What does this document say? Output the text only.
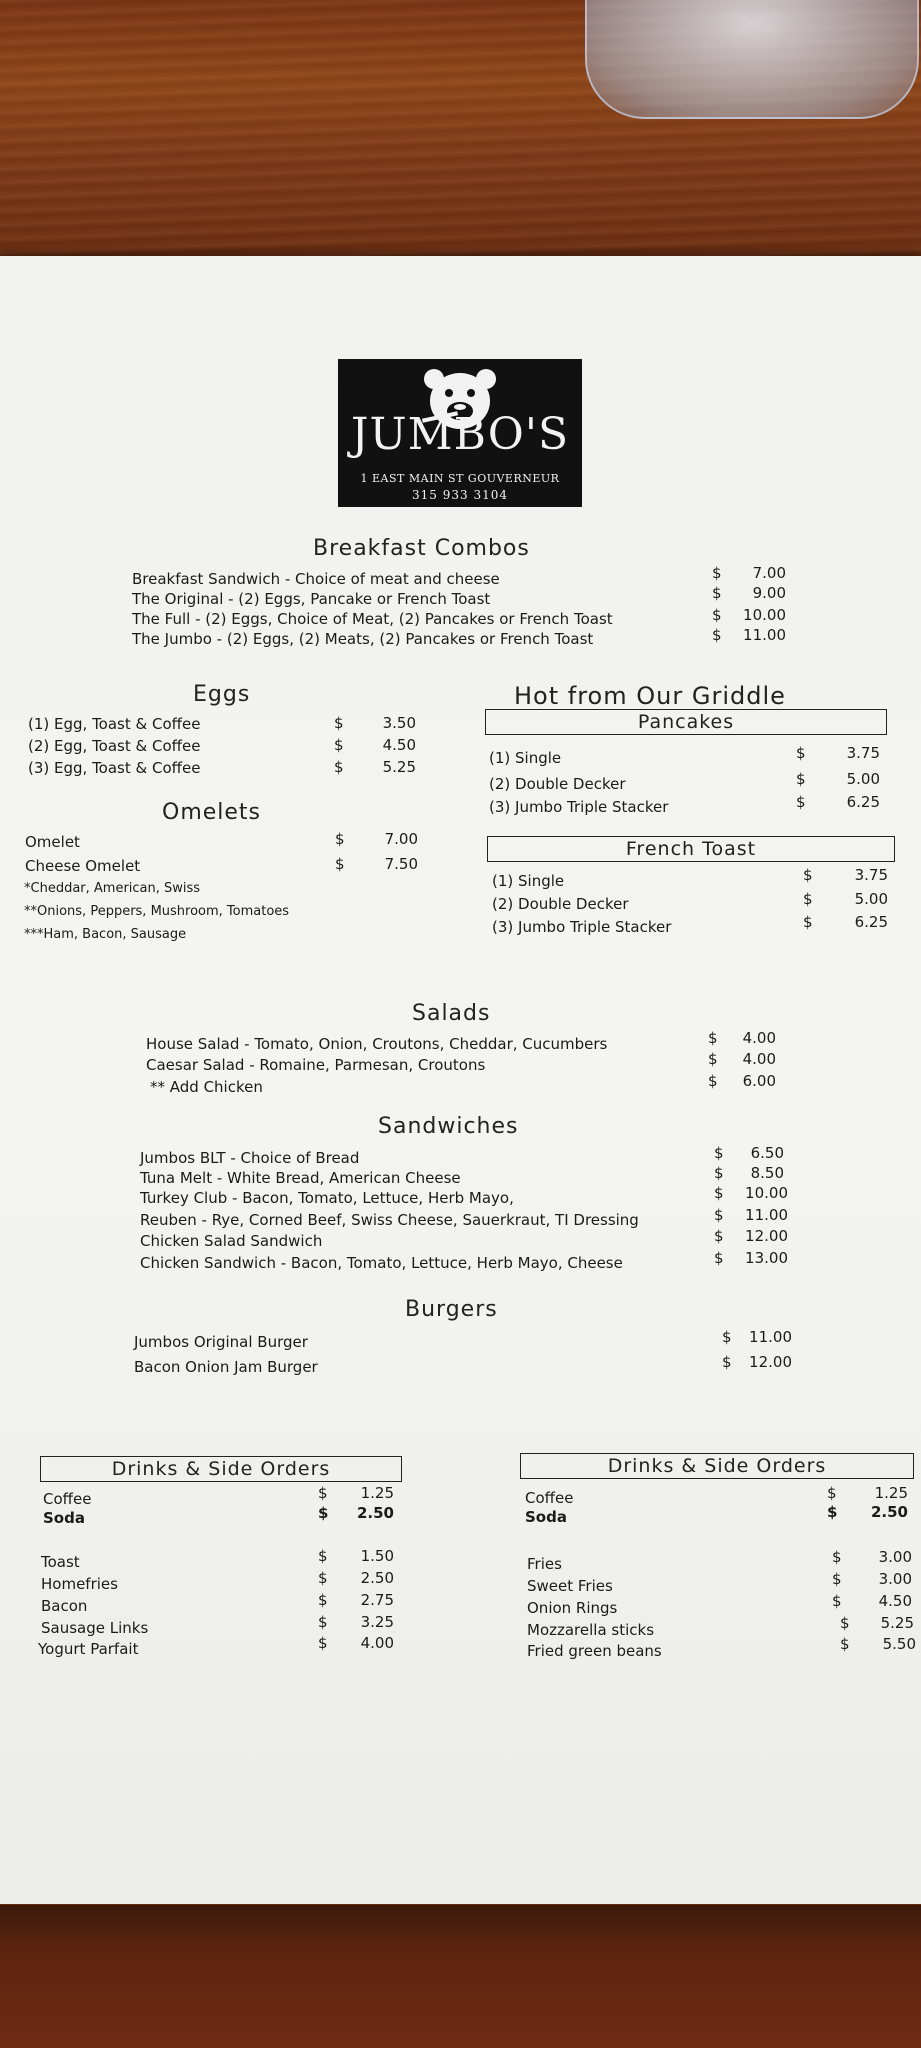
JUMBO'S
1 EAST MAIN ST GOUVERNEUR
315 933 3104
Breakfast Combos
Breakfast Sandwich - Choice of meat and cheese	$	7.00
The Original - (2) Eggs, Pancake or French Toast	$	9.00
The Full - (2) Eggs, Choice of Meat, (2) Pancakes or French Toast	$	10.00
The Jumbo - (2) Eggs, (2) Meats, (2) Pancakes or French Toast	$	11.00
Eggs
(1) Egg, Toast & Coffee	$	3.50
(2) Egg, Toast & Coffee	$	4.50
(3) Egg, Toast & Coffee	$	5.25
Omelets
Omelet	$	7.00
Cheese Omelet	$	7.50
*Cheddar, American, Swiss
**Onions, Peppers, Mushroom, Tomatoes
***Ham, Bacon, Sausage
Hot from Our Griddle
Pancakes
(1) Single	$	3.75
(2) Double Decker	$	5.00
(3) Jumbo Triple Stacker	$	6.25
French Toast
(1) Single	$	3.75
(2) Double Decker	$	5.00
(3) Jumbo Triple Stacker	$	6.25
Salads
House Salad - Tomato, Onion, Croutons, Cheddar, Cucumbers	$	4.00
Caesar Salad - Romaine, Parmesan, Croutons	$	4.00
** Add Chicken	$	6.00
Sandwiches
Jumbos BLT - Choice of Bread	$	6.50
Tuna Melt - White Bread, American Cheese	$	8.50
Turkey Club - Bacon, Tomato, Lettuce, Herb Mayo,	$	10.00
Reuben - Rye, Corned Beef, Swiss Cheese, Sauerkraut, TI Dressing	$	11.00
Chicken Salad Sandwich	$	12.00
Chicken Sandwich - Bacon, Tomato, Lettuce, Herb Mayo, Cheese	$	13.00
Burgers
Jumbos Original Burger	$	11.00
Bacon Onion Jam Burger	$	12.00
Drinks & Side Orders
Coffee	$	1.25
Soda	$	2.50
Toast	$	1.50
Homefries	$	2.50
Bacon	$	2.75
Sausage Links	$	3.25
Yogurt Parfait	$	4.00
Drinks & Side Orders
Coffee	$	1.25
Soda	$	2.50
Fries	$	3.00
Sweet Fries	$	3.00
Onion Rings	$	4.50
Mozzarella sticks	$	5.25
Fried green beans	$	5.50
